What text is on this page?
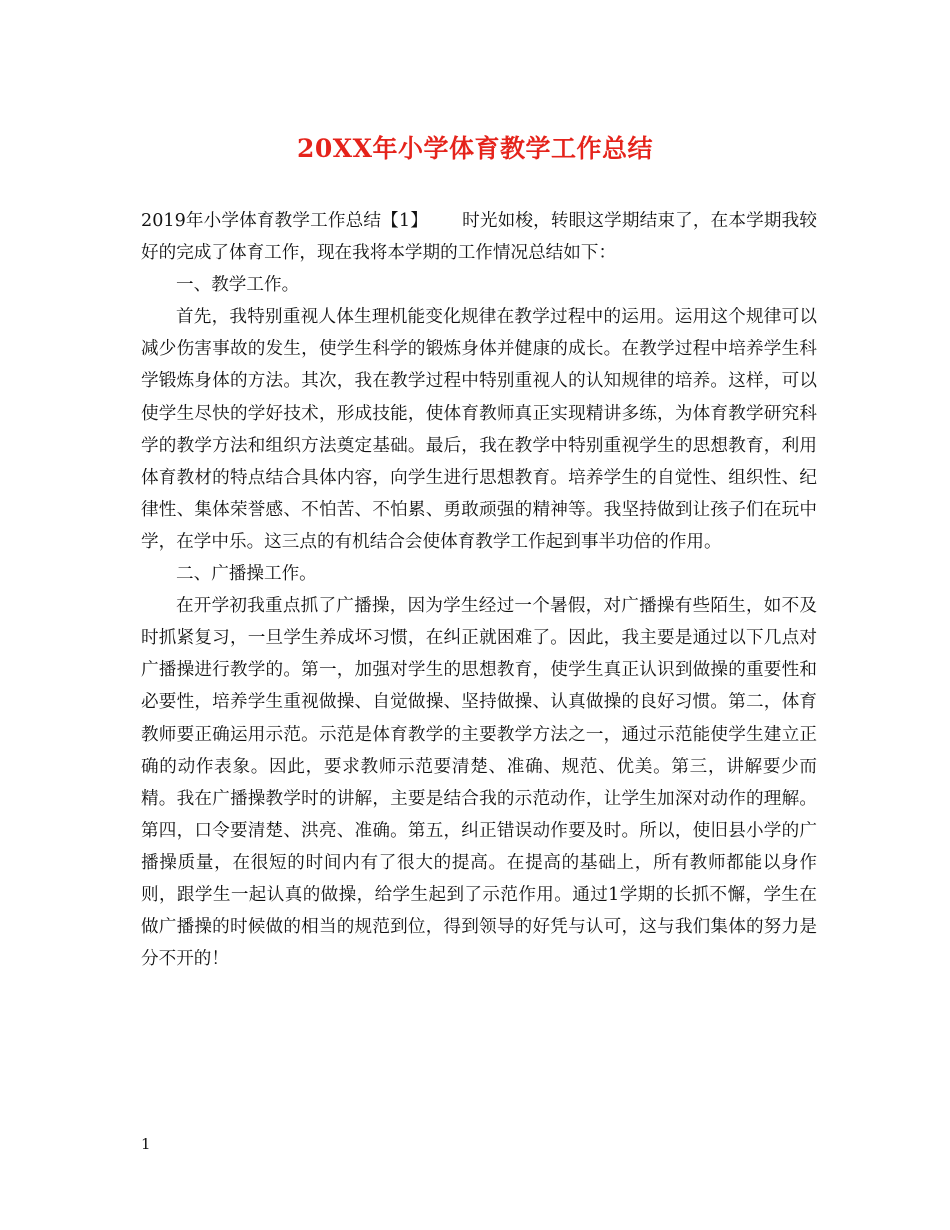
20XX年小学体育教学工作总结

2019年小学体育教学工作总结【1】 时光如梭，转眼这学期结束了，在本学期我较好的完成了体育工作，现在我将本学期的工作情况总结如下：

一、教学工作。

首先，我特别重视人体生理机能变化规律在教学过程中的运用。运用这个规律可以减少伤害事故的发生，使学生科学的锻炼身体并健康的成长。在教学过程中培养学生科学锻炼身体的方法。其次，我在教学过程中特别重视人的认知规律的培养。这样，可以使学生尽快的学好技术，形成技能，使体育教师真正实现精讲多练，为体育教学研究科学的教学方法和组织方法奠定基础。最后，我在教学中特别重视学生的思想教育，利用体育教材的特点结合具体内容，向学生进行思想教育。培养学生的自觉性、组织性、纪律性、集体荣誉感、不怕苦、不怕累、勇敢顽强的精神等。我坚持做到让孩子们在玩中学，在学中乐。这三点的有机结合会使体育教学工作起到事半功倍的作用。

二、广播操工作。

在开学初我重点抓了广播操，因为学生经过一个暑假，对广播操有些陌生，如不及时抓紧复习，一旦学生养成坏习惯，在纠正就困难了。因此，我主要是通过以下几点对广播操进行教学的。第一，加强对学生的思想教育，使学生真正认识到做操的重要性和必要性，培养学生重视做操、自觉做操、坚持做操、认真做操的良好习惯。第二，体育教师要正确运用示范。示范是体育教学的主要教学方法之一，通过示范能使学生建立正确的动作表象。因此，要求教师示范要清楚、准确、规范、优美。第三，讲解要少而精。我在广播操教学时的讲解，主要是结合我的示范动作，让学生加深对动作的理解。第四，口令要清楚、洪亮、准确。第五，纠正错误动作要及时。所以，使旧县小学的广播操质量，在很短的时间内有了很大的提高。在提高的基础上，所有教师都能以身作则，跟学生一起认真的做操，给学生起到了示范作用。通过1学期的长抓不懈，学生在做广播操的时候做的相当的规范到位，得到领导的好凭与认可，这与我们集体的努力是分不开的！

1
